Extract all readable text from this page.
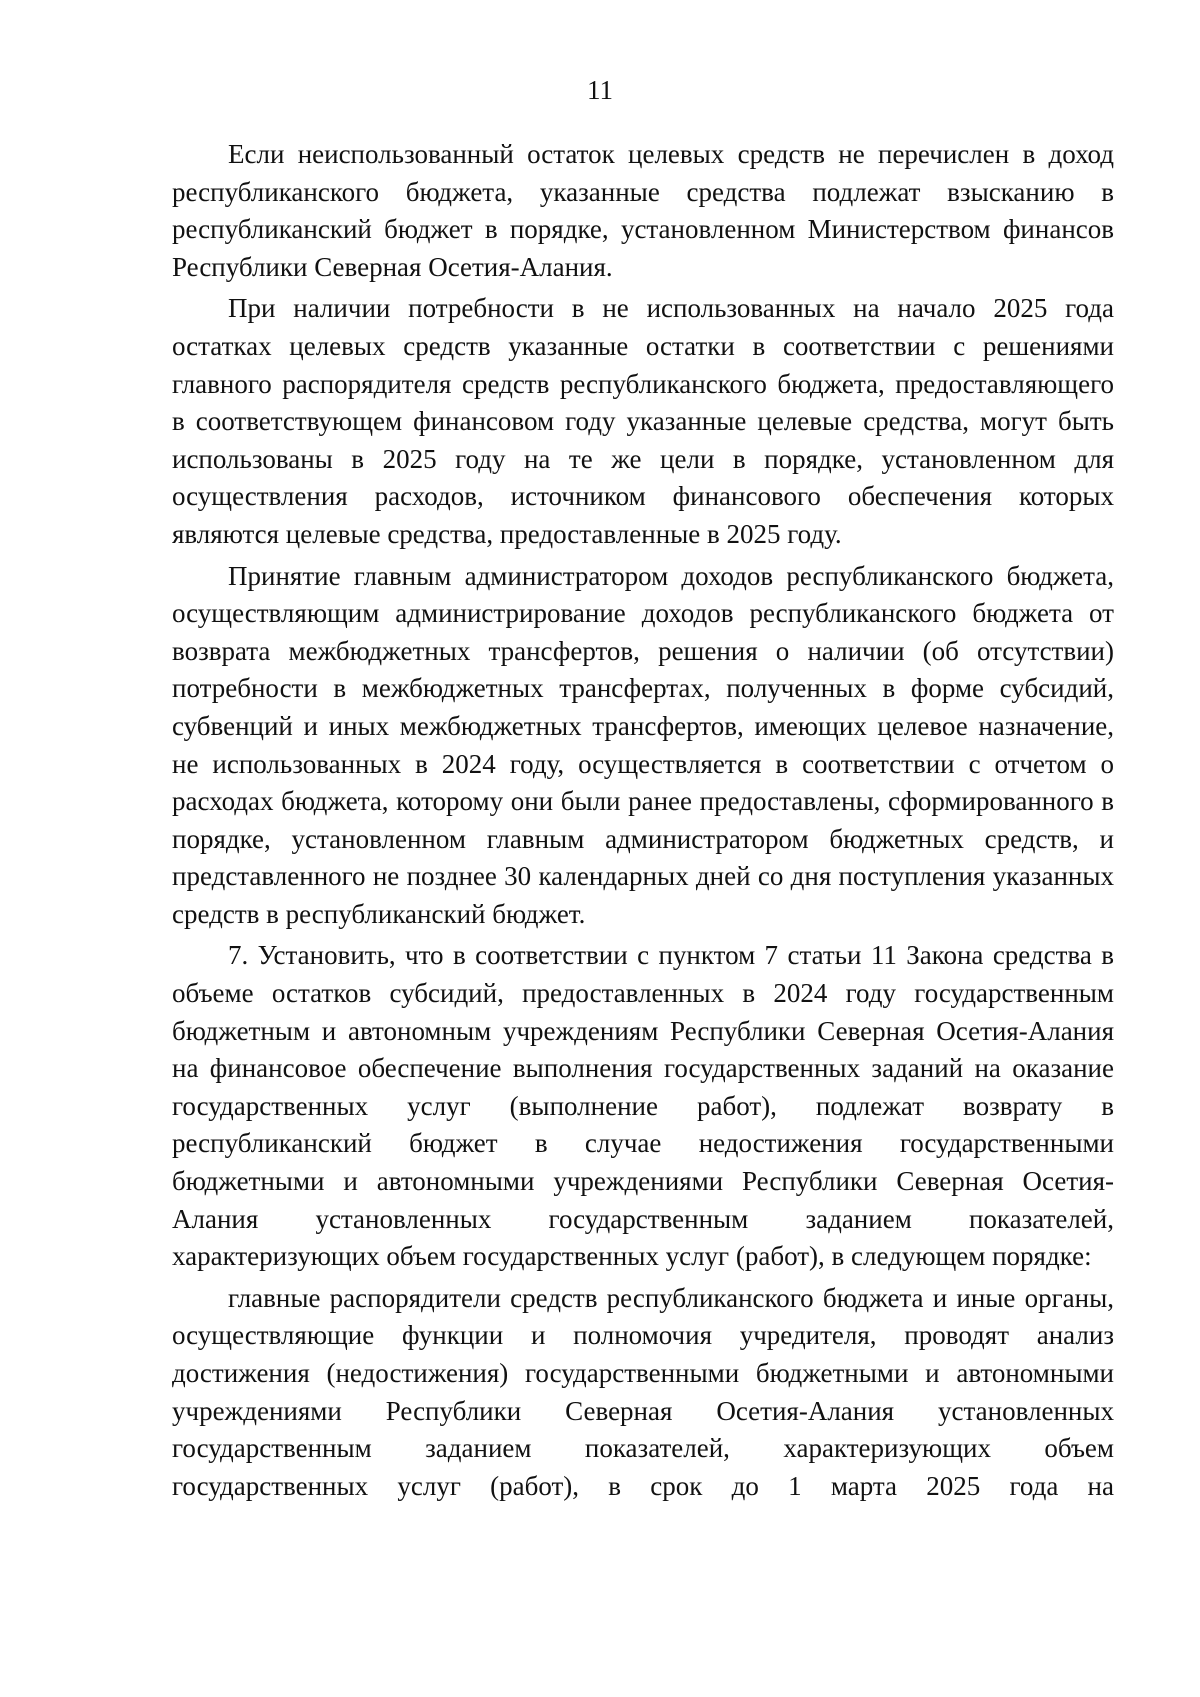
11

Если неиспользованный остаток целевых средств не перечислен в доход республиканского бюджета, указанные средства подлежат взысканию в республиканский бюджет в порядке, установленном Министерством финансов Республики Северная Осетия-Алания.

При наличии потребности в не использованных на начало 2025 года остатках целевых средств указанные остатки в соответствии с решениями главного распорядителя средств республиканского бюджета, предоставляющего в соответствующем финансовом году указанные целевые средства, могут быть использованы в 2025 году на те же цели в порядке, установленном для осуществления расходов, источником финансового обеспечения которых являются целевые средства, предоставленные в 2025 году.

Принятие главным администратором доходов республиканского бюджета, осуществляющим администрирование доходов республиканского бюджета от возврата межбюджетных трансфертов, решения о наличии (об отсутствии) потребности в межбюджетных трансфертах, полученных в форме субсидий, субвенций и иных межбюджетных трансфертов, имеющих целевое назначение, не использованных в 2024 году, осуществляется в соответствии с отчетом о расходах бюджета, которому они были ранее предоставлены, сформированного в порядке, установленном главным администратором бюджетных средств, и представленного не позднее 30 календарных дней со дня поступления указанных средств в республиканский бюджет.

7. Установить, что в соответствии с пунктом 7 статьи 11 Закона средства в объеме остатков субсидий, предоставленных в 2024 году государственным бюджетным и автономным учреждениям Республики Северная Осетия-Алания на финансовое обеспечение выполнения государственных заданий на оказание государственных услуг (выполнение работ), подлежат возврату в республиканский бюджет в случае недостижения государственными бюджетными и автономными учреждениями Республики Северная Осетия-Алания установленных государственным заданием показателей, характеризующих объем государственных услуг (работ), в следующем порядке:

главные распорядители средств республиканского бюджета и иные органы, осуществляющие функции и полномочия учредителя, проводят анализ достижения (недостижения) государственными бюджетными и автономными учреждениями Республики Северная Осетия-Алания установленных государственным заданием показателей, характеризующих объем государственных услуг (работ), в срок до 1 марта 2025 года на
